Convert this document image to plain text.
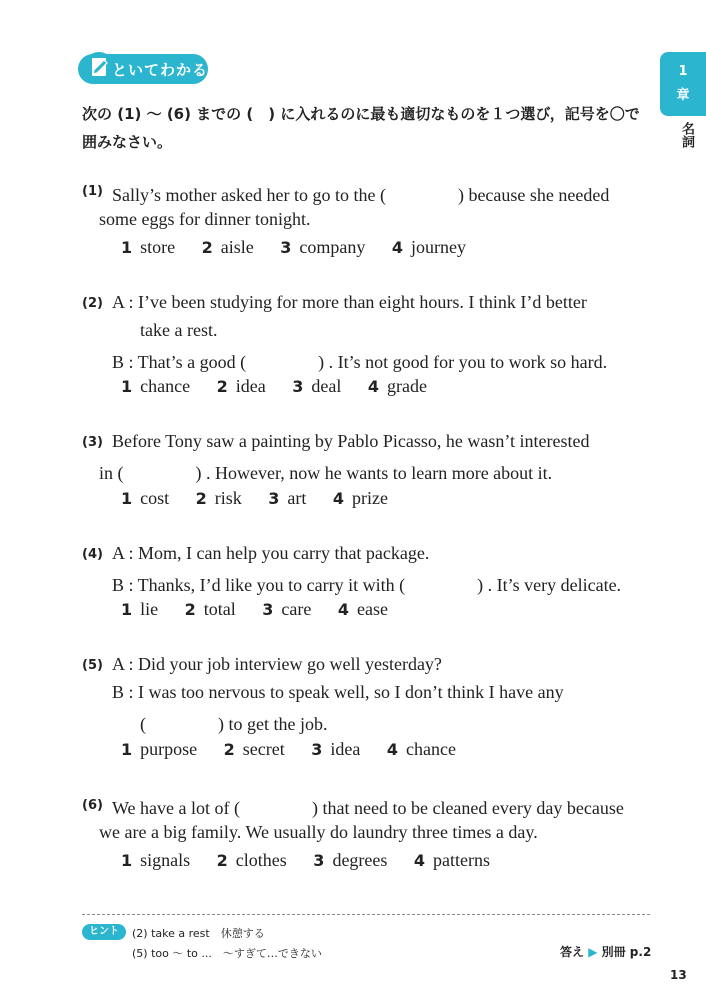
といてわかる	1
章
名詞
次の (1) ～ (6) までの (　) に入れるのに最も適切なものを１つ選び，記号を〇で囲みなさい。
(1) Sally’s mother asked her to go to the (　　　　) because she needed
some eggs for dinner tonight.
1 store 2 aisle 3 company 4 journey
(2) A : I’ve been studying for more than eight hours. I think I’d better
take a rest.
B : That’s a good (　　　　) . It’s not good for you to work so hard.
1 chance 2 idea 3 deal 4 grade
(3) Before Tony saw a painting by Pablo Picasso, he wasn’t interested
in (　　　　) . However, now he wants to learn more about it.
1 cost 2 risk 3 art 4 prize
(4) A : Mom, I can help you carry that package.
B : Thanks, I’d like you to carry it with (　　　　) . It’s very delicate.
1 lie 2 total 3 care 4 ease
(5) A : Did your job interview go well yesterday?
B : I was too nervous to speak well, so I don’t think I have any
(　　　　) to get the job.
1 purpose 2 secret 3 idea 4 chance
(6) We have a lot of (　　　　) that need to be cleaned every day because
we are a big family. We usually do laundry three times a day.
1 signals 2 clothes 3 degrees 4 patterns
ヒント	(2) take a rest　休憩する
(5) too ～ to ...　～すぎて…できない	答え ▶ 別冊 p.2
13
